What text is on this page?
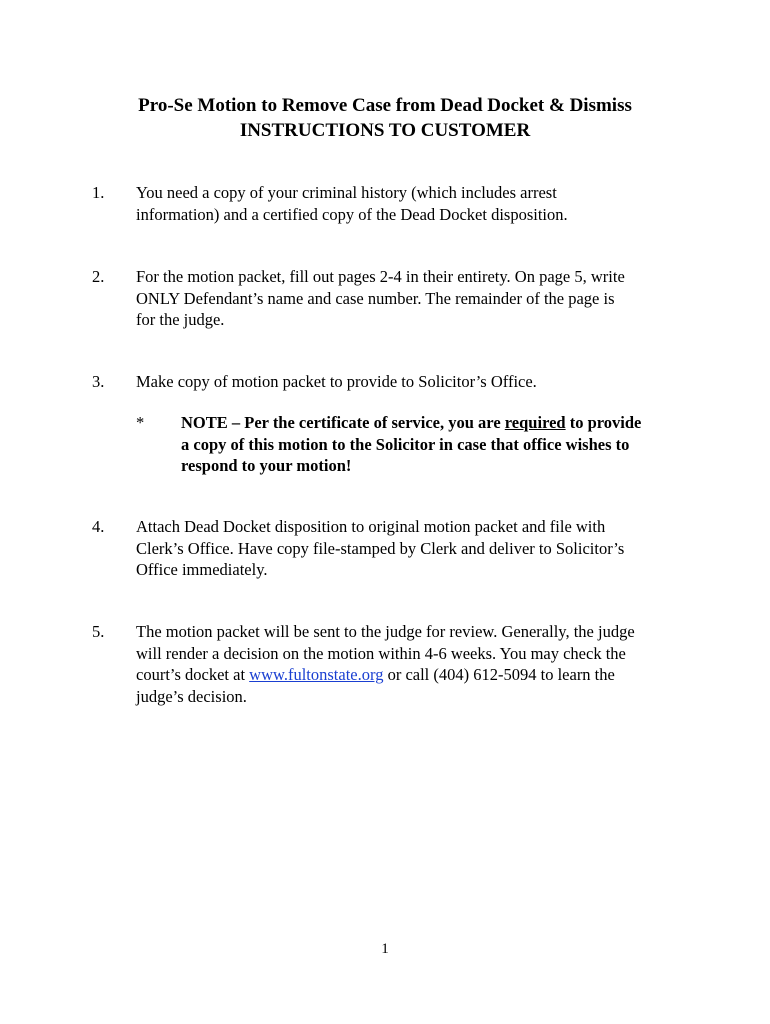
Pro-Se Motion to Remove Case from Dead Docket & Dismiss
INSTRUCTIONS TO CUSTOMER
1. You need a copy of your criminal history (which includes arrest
information) and a certified copy of the Dead Docket disposition.
2. For the motion packet, fill out pages 2-4 in their entirety. On page 5, write
ONLY Defendant’s name and case number. The remainder of the page is
for the judge.
3. Make copy of motion packet to provide to Solicitor’s Office.
* NOTE – Per the certificate of service, you are required to provide
a copy of this motion to the Solicitor in case that office wishes to
respond to your motion!
4. Attach Dead Docket disposition to original motion packet and file with
Clerk’s Office. Have copy file-stamped by Clerk and deliver to Solicitor’s
Office immediately.
5. The motion packet will be sent to the judge for review. Generally, the judge
will render a decision on the motion within 4-6 weeks. You may check the
court’s docket at www.fultonstate.org or call (404) 612-5094 to learn the
judge’s decision.
1
